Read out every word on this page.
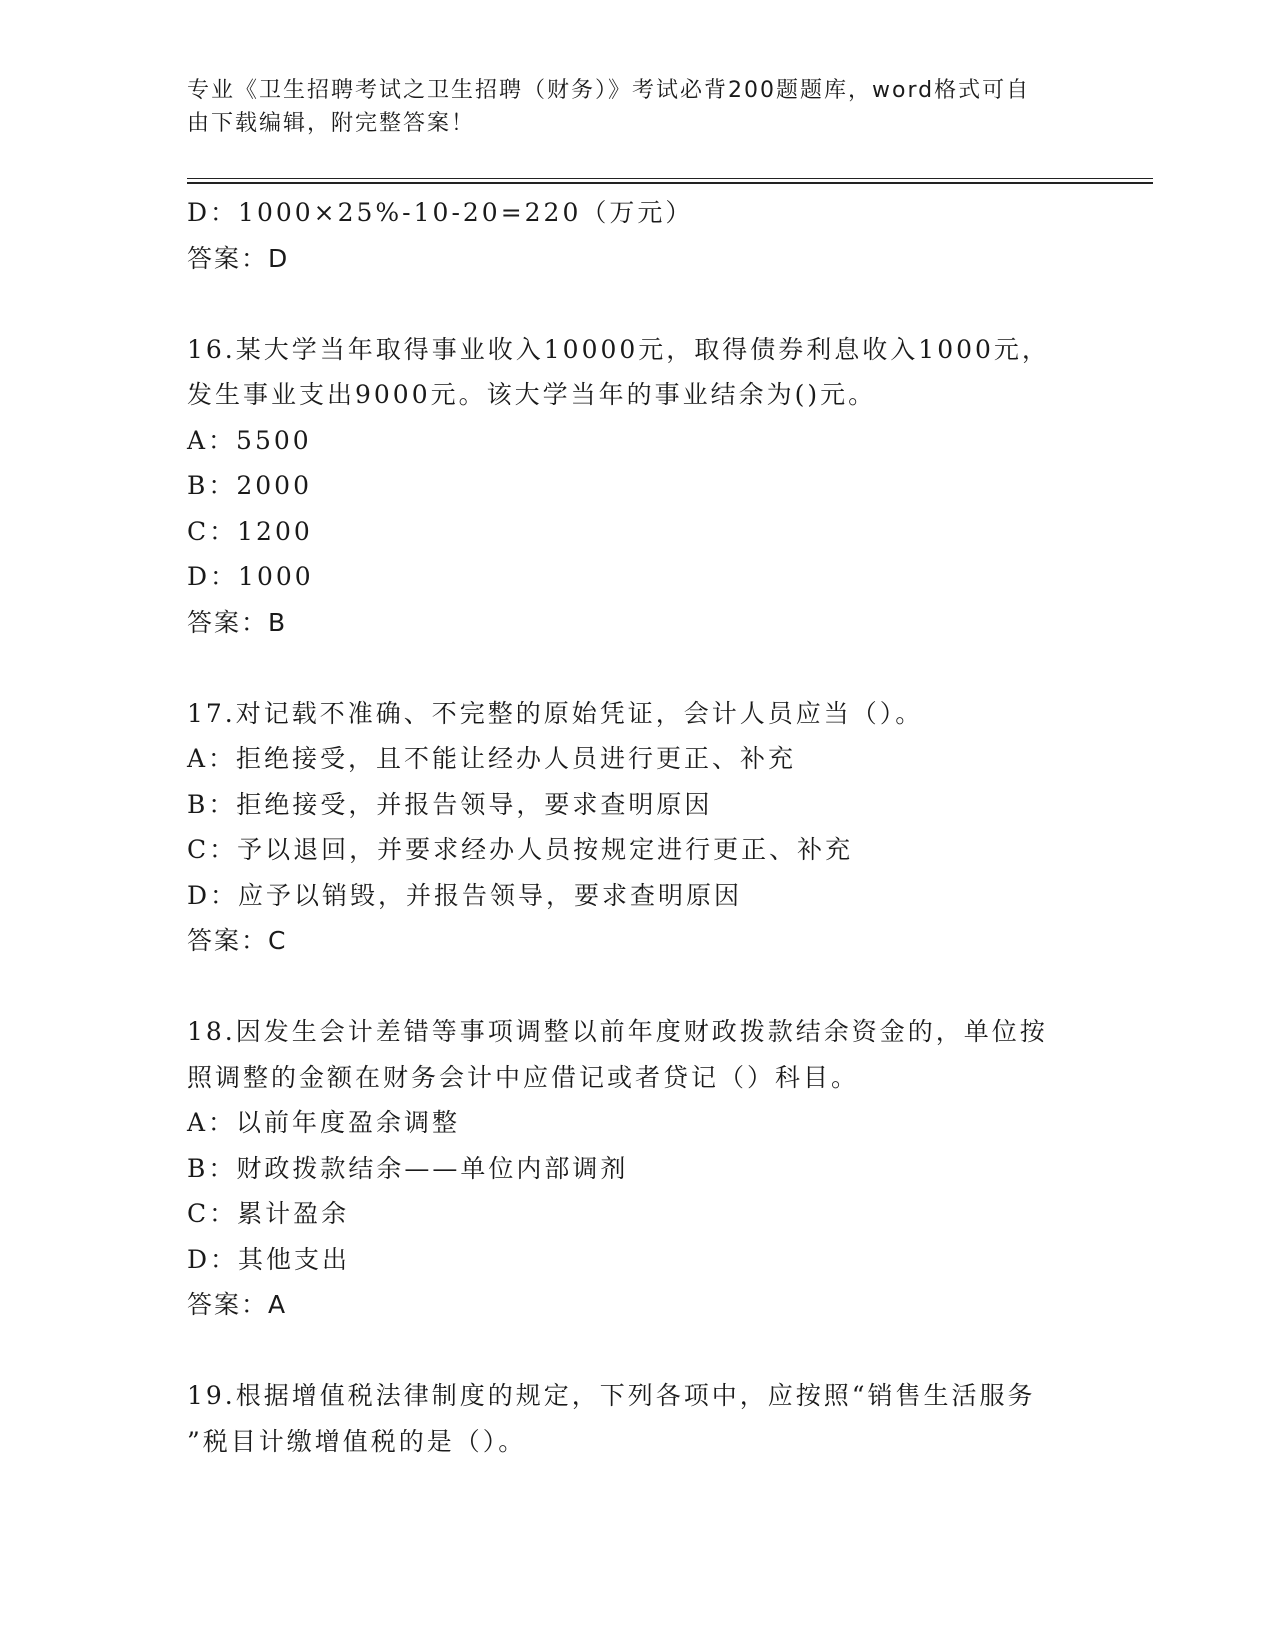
专业《卫生招聘考试之卫生招聘（财务）》考试必背200题题库，word格式可自
由下载编辑，附完整答案！
D：1000×25%-10-20=220（万元）
答案：D
16.某大学当年取得事业收入10000元，取得债券利息收入1000元，
发生事业支出9000元。该大学当年的事业结余为()元。
A：5500
B：2000
C：1200
D：1000
答案：B
17.对记载不准确、不完整的原始凭证，会计人员应当（）。
A：拒绝接受，且不能让经办人员进行更正、补充
B：拒绝接受，并报告领导，要求查明原因
C：予以退回，并要求经办人员按规定进行更正、补充
D：应予以销毁，并报告领导，要求查明原因
答案：C
18.因发生会计差错等事项调整以前年度财政拨款结余资金的，单位按
照调整的金额在财务会计中应借记或者贷记（）科目。
A：以前年度盈余调整
B：财政拨款结余——单位内部调剂
C：累计盈余
D：其他支出
答案：A
19.根据增值税法律制度的规定，下列各项中，应按照“销售生活服务
”税目计缴增值税的是（）。
